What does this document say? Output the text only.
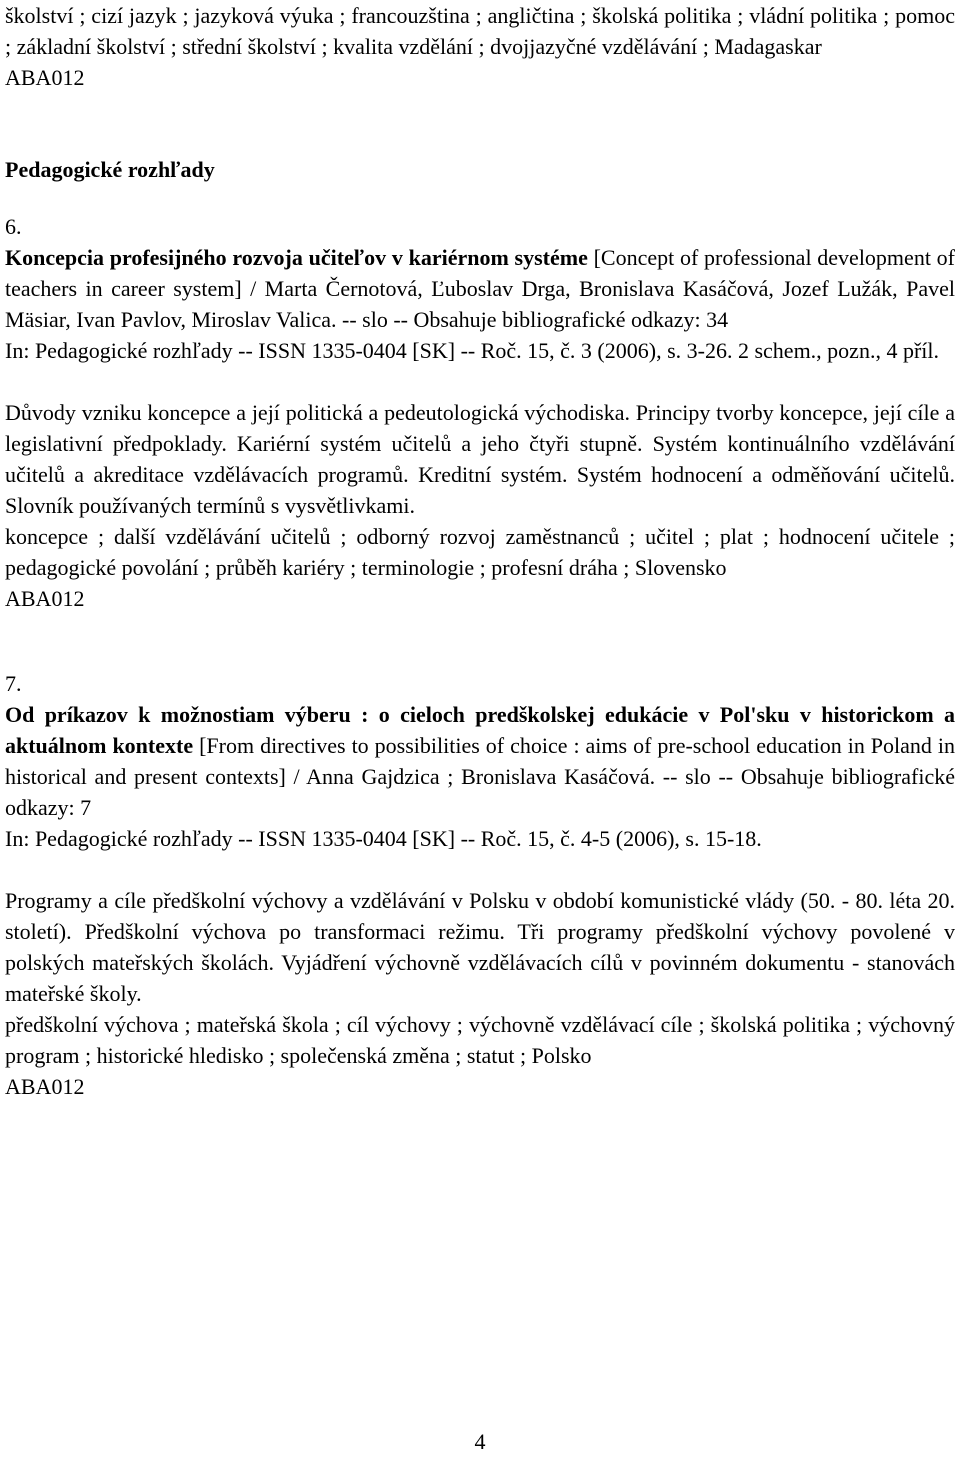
školství ; cizí jazyk ; jazyková výuka ; francouzština ; angličtina ; školská politika ; vládní politika ; pomoc ; základní školství ; střední školství ; kvalita vzdělání ; dvojjazyčné vzdělávání ; Madagaskar

ABA012

Pedagogické rozhľady

6.

Koncepcia profesijného rozvoja učiteľov v kariérnom systéme [Concept of professional development of teachers in career system] / Marta Černotová, Ľuboslav Drga, Bronislava Kasáčová, Jozef Lužák, Pavel Mäsiar, Ivan Pavlov, Miroslav Valica. -- slo -- Obsahuje bibliografické odkazy: 34

In: Pedagogické rozhľady -- ISSN 1335-0404 [SK] -- Roč. 15, č. 3 (2006), s. 3-26. 2 schem., pozn., 4 příl.

Důvody vzniku koncepce a její politická a pedeutologická východiska. Principy tvorby koncepce, její cíle a legislativní předpoklady. Kariérní systém učitelů a jeho čtyři stupně. Systém kontinuálního vzdělávání učitelů a akreditace vzdělávacích programů. Kreditní systém. Systém hodnocení a odměňování učitelů. Slovník používaných termínů s vysvětlivkami.

koncepce ; další vzdělávání učitelů ; odborný rozvoj zaměstnanců ; učitel ; plat ; hodnocení učitele ; pedagogické povolání ; průběh kariéry ; terminologie ; profesní dráha ; Slovensko

ABA012

7.

Od príkazov k možnostiam výberu : o cieloch predškolskej edukácie v Pol'sku v historickom a aktuálnom kontexte [From directives to possibilities of choice : aims of pre-school education in Poland in historical and present contexts] / Anna Gajdzica ; Bronislava Kasáčová. -- slo -- Obsahuje bibliografické odkazy: 7

In: Pedagogické rozhľady -- ISSN 1335-0404 [SK] -- Roč. 15, č. 4-5 (2006), s. 15-18.

Programy a cíle předškolní výchovy a vzdělávání v Polsku v období komunistické vlády (50. - 80. léta 20. století). Předškolní výchova po transformaci režimu. Tři programy předškolní výchovy povolené v polských mateřských školách. Vyjádření výchovně vzdělávacích cílů v povinném dokumentu - stanovách mateřské školy.

předškolní výchova ; mateřská škola ; cíl výchovy ; výchovně vzdělávací cíle ; školská politika ; výchovný program ; historické hledisko ; společenská změna ; statut ; Polsko

ABA012

4
